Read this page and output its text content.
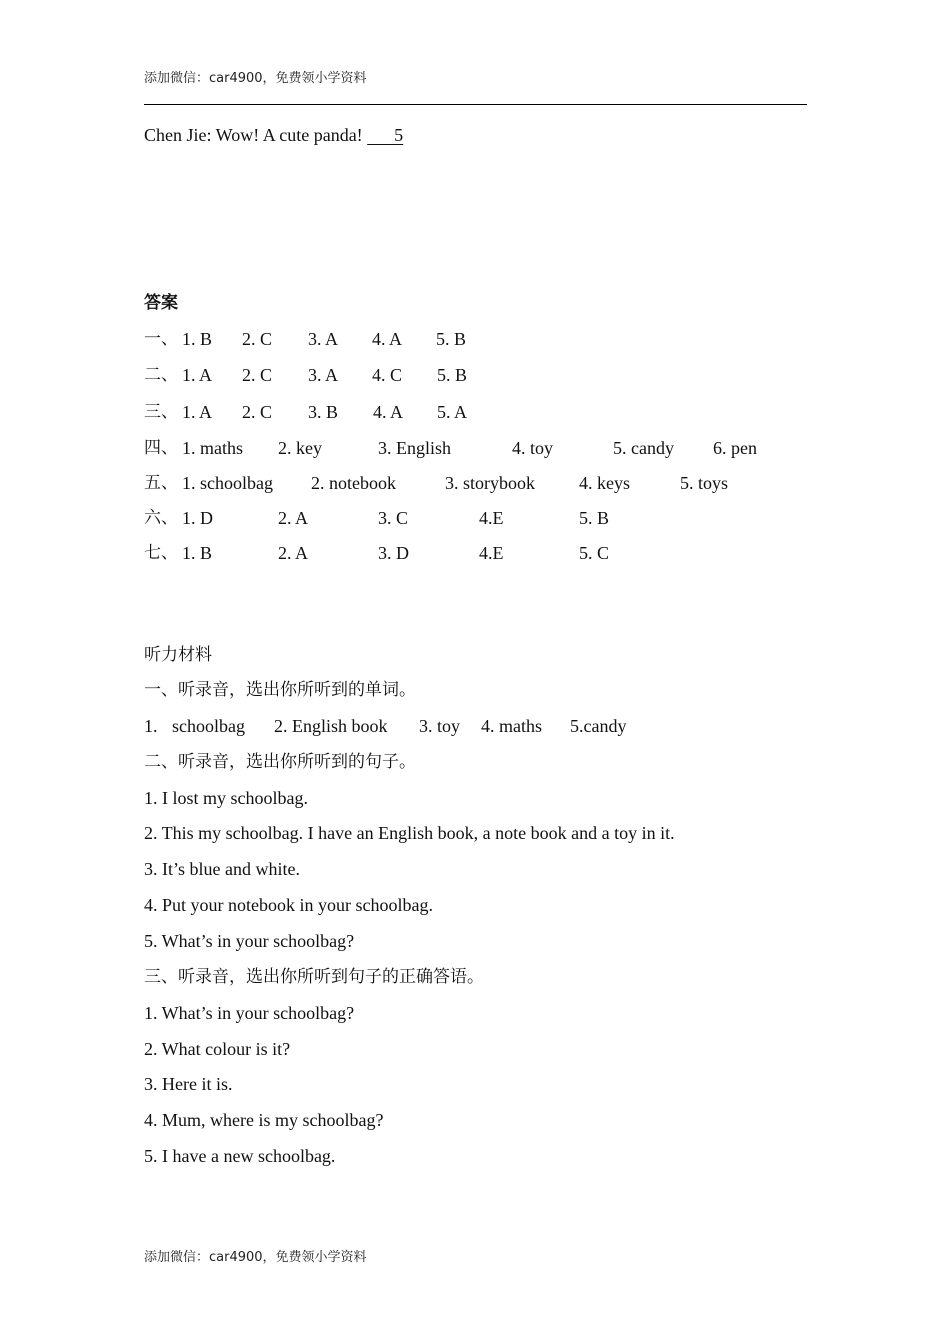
添加微信：car4900，免费领小学资料
Chen Jie: Wow! A cute panda!       5
答案
一、 1. B 2. C 3. A 4. A 5. B
二、 1. A 2. C 3. A 4. C 5. B
三、 1. A 2. C 3. B 4. A 5. A
四、 1. maths 2. key	3. English	4. toy	5. candy 6. pen
五、 1. schoolbag 2. notebook	3. storybook 4. keys	5. toys
六、 1. D	2. A	3. C	4.E	5. B
七、 1. B	2. A	3. D	4.E	5. C
听力材料
一、听录音，选出你所听到的单词。
1. schoolbag 2. English book 3. toy 4. maths 5.candy
二、听录音，选出你所听到的句子。
1. I lost my schoolbag.
2. This my schoolbag. I have an English book, a note book and a toy in it.
3. It’s blue and white.
4. Put your notebook in your schoolbag.
5. What’s in your schoolbag?
三、听录音，选出你所听到句子的正确答语。
1. What’s in your schoolbag?
2. What colour is it?
3. Here it is.
4. Mum, where is my schoolbag?
5. I have a new schoolbag.
添加微信：car4900，免费领小学资料
